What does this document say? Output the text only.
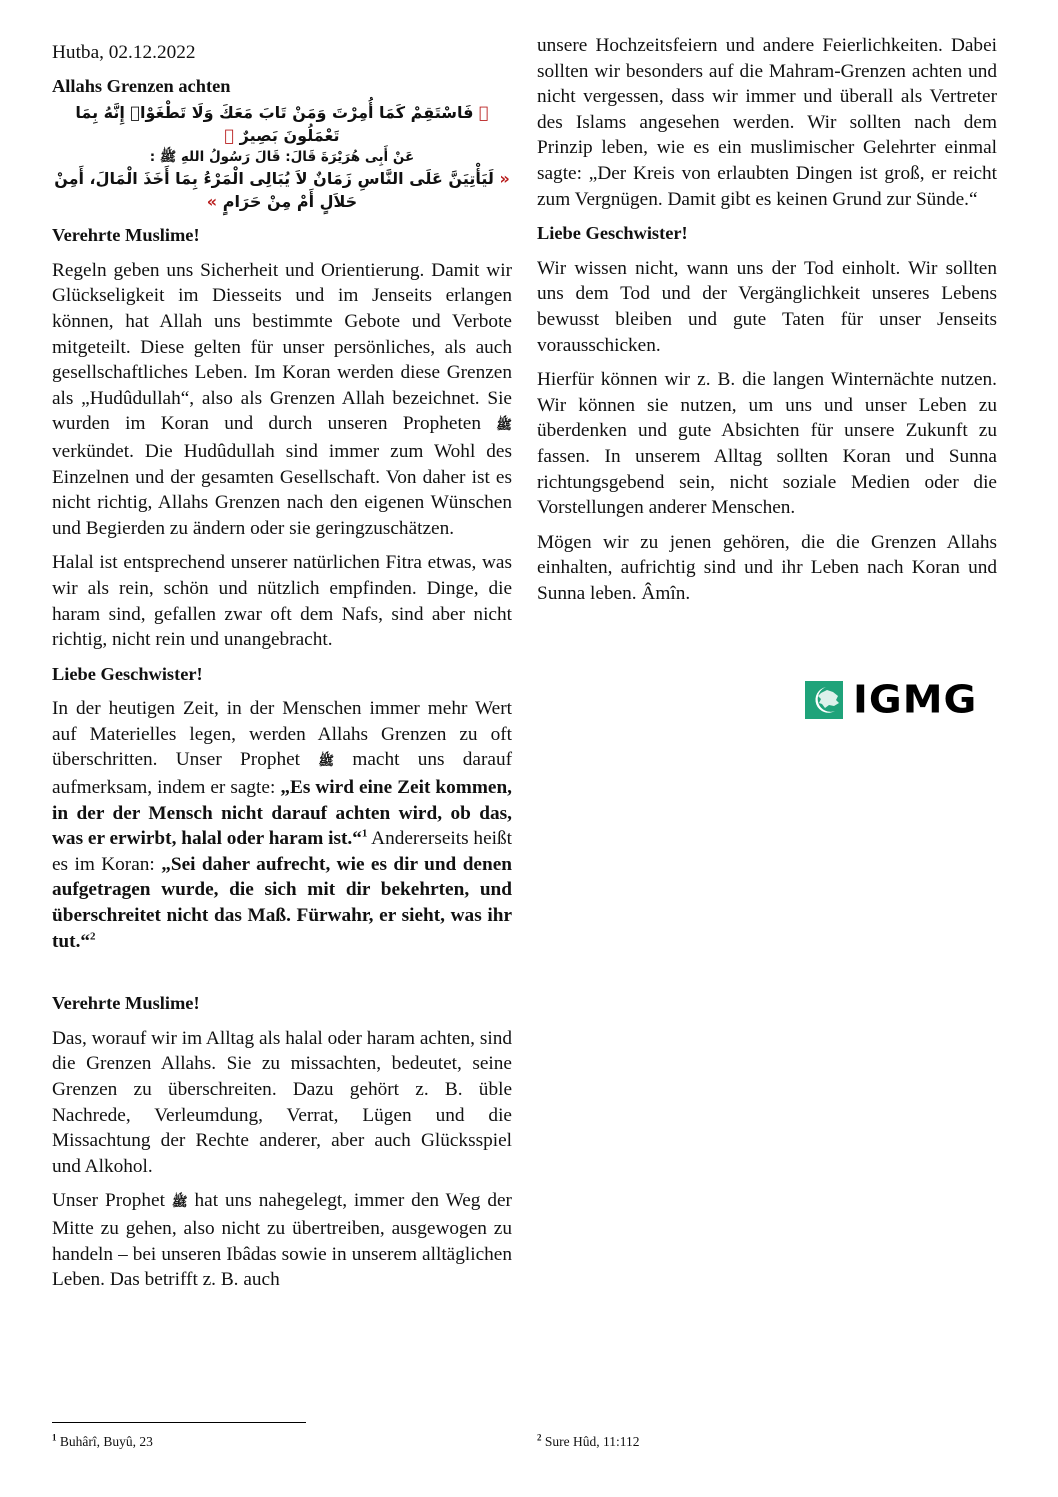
Hutba, 02.12.2022

Allahs Grenzen achten

﴿ فَاسْتَقِمْ كَمَا أُمِرْتَ وَمَنْ تَابَ مَعَكَ وَلَا تَطْغَوْاۜ إِنَّهُ بِمَا تَعْمَلُونَ بَصِيرٌ ﴾

عَنْ أَبِى هُرَيْرَةَ قَالَ: قَالَ رَسُولُ اللهِ ﷺ :

« لَيَأْتِيَنَّ عَلَى النَّاسِ زَمَانٌ لاَ يُبَالِى الْمَرْءُ بِمَا أَخَذَ الْمَالَ، أَمِنْ حَلاَلٍ أَمْ مِنْ حَرَامٍ »

Verehrte Muslime!

Regeln geben uns Sicherheit und Orientierung. Damit wir Glückseligkeit im Diesseits und im Jenseits erlangen können, hat Allah uns bestimmte Gebote und Verbote mitgeteilt. Diese gelten für unser persönliches, als auch gesellschaftliches Leben. Im Koran werden diese Grenzen als „Hudûdullah“, also als Grenzen Allah bezeichnet. Sie wurden im Koran und durch unseren Propheten ﷺ verkündet. Die Hudûdullah sind immer zum Wohl des Einzelnen und der gesamten Gesellschaft. Von daher ist es nicht richtig, Allahs Grenzen nach den eigenen Wünschen und Begierden zu ändern oder sie geringzuschätzen.

Halal ist entsprechend unserer natürlichen Fitra etwas, was wir als rein, schön und nützlich empfinden. Dinge, die haram sind, gefallen zwar oft dem Nafs, sind aber nicht richtig, nicht rein und unangebracht.

Liebe Geschwister!

In der heutigen Zeit, in der Menschen immer mehr Wert auf Materielles legen, werden Allahs Grenzen zu oft überschritten. Unser Prophet ﷺ macht uns darauf aufmerksam, indem er sagte: „Es wird eine Zeit kommen, in der der Mensch nicht darauf achten wird, ob das, was er erwirbt, halal oder haram ist.“$^1$ Andererseits heißt es im Koran: „Sei daher aufrecht, wie es dir und denen aufgetragen wurde, die sich mit dir bekehrten, und überschreitet nicht das Maß. Fürwahr, er sieht, was ihr tut.“$^2$

Verehrte Muslime!

Das, worauf wir im Alltag als halal oder haram achten, sind die Grenzen Allahs. Sie zu missachten, bedeutet, seine Grenzen zu überschreiten. Dazu gehört z. B. üble Nachrede, Verleumdung, Verrat, Lügen und die Missachtung der Rechte anderer, aber auch Glücksspiel und Alkohol.

Unser Prophet ﷺ hat uns nahegelegt, immer den Weg der Mitte zu gehen, also nicht zu übertreiben, ausgewogen zu handeln – bei unseren Ibâdas sowie in unserem alltäglichen Leben. Das betrifft z. B. auch

unsere Hochzeitsfeiern und andere Feierlichkeiten. Dabei sollten wir besonders auf die Mahram-Grenzen achten und nicht vergessen, dass wir immer und überall als Vertreter des Islams angesehen werden. Wir sollten nach dem Prinzip leben, wie es ein muslimischer Gelehrter einmal sagte: „Der Kreis von erlaubten Dingen ist groß, er reicht zum Vergnügen. Damit gibt es keinen Grund zur Sünde.“

Liebe Geschwister!

Wir wissen nicht, wann uns der Tod einholt. Wir sollten uns dem Tod und der Vergänglichkeit unseres Lebens bewusst bleiben und gute Taten für unser Jenseits vorausschicken.

Hierfür können wir z. B. die langen Winternächte nutzen. Wir können sie nutzen, um uns und unser Leben zu überdenken und gute Absichten für unsere Zukunft zu fassen. In unserem Alltag sollten Koran und Sunna richtungsgebend sein, nicht soziale Medien oder die Vorstellungen anderer Menschen.

Mögen wir zu jenen gehören, die die Grenzen Allahs einhalten, aufrichtig sind und ihr Leben nach Koran und Sunna leben. Âmîn.

IGMG
$^1$ Buhârî, Buyû, 23	$^2$ Sure Hûd, 11:112
